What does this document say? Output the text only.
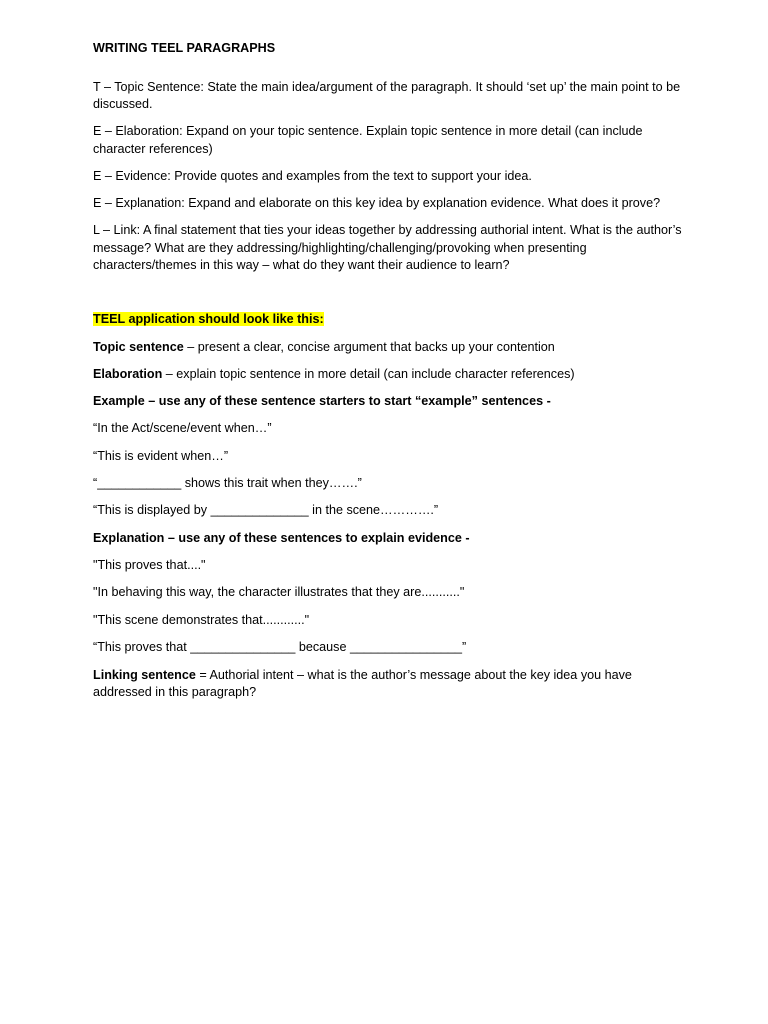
WRITING TEEL PARAGRAPHS
T – Topic Sentence: State the main idea/argument of the paragraph. It should ‘set up’ the main point to be discussed.
E – Elaboration: Expand on your topic sentence. Explain topic sentence in more detail (can include character references)
E – Evidence: Provide quotes and examples from the text to support your idea.
E – Explanation: Expand and elaborate on this key idea by explanation evidence. What does it prove?
L – Link: A final statement that ties your ideas together by addressing authorial intent. What is the author’s message? What are they addressing/highlighting/challenging/provoking when presenting characters/themes in this way – what do they want their audience to learn?
TEEL application should look like this:
Topic sentence – present a clear, concise argument that backs up your contention
Elaboration – explain topic sentence in more detail (can include character references)
Example – use any of these sentence starters to start “example” sentences -
“In the Act/scene/event when…”
“This is evident when…”
“____________ shows this trait when they…….”
“This is displayed by ______________ in the scene………….”
Explanation – use any of these sentences to explain evidence -
"This proves that...."
"In behaving this way, the character illustrates that they are..........."
"This scene demonstrates that............"
“This proves that _______________ because ________________”
Linking sentence = Authorial intent – what is the author’s message about the key idea you have addressed in this paragraph?
